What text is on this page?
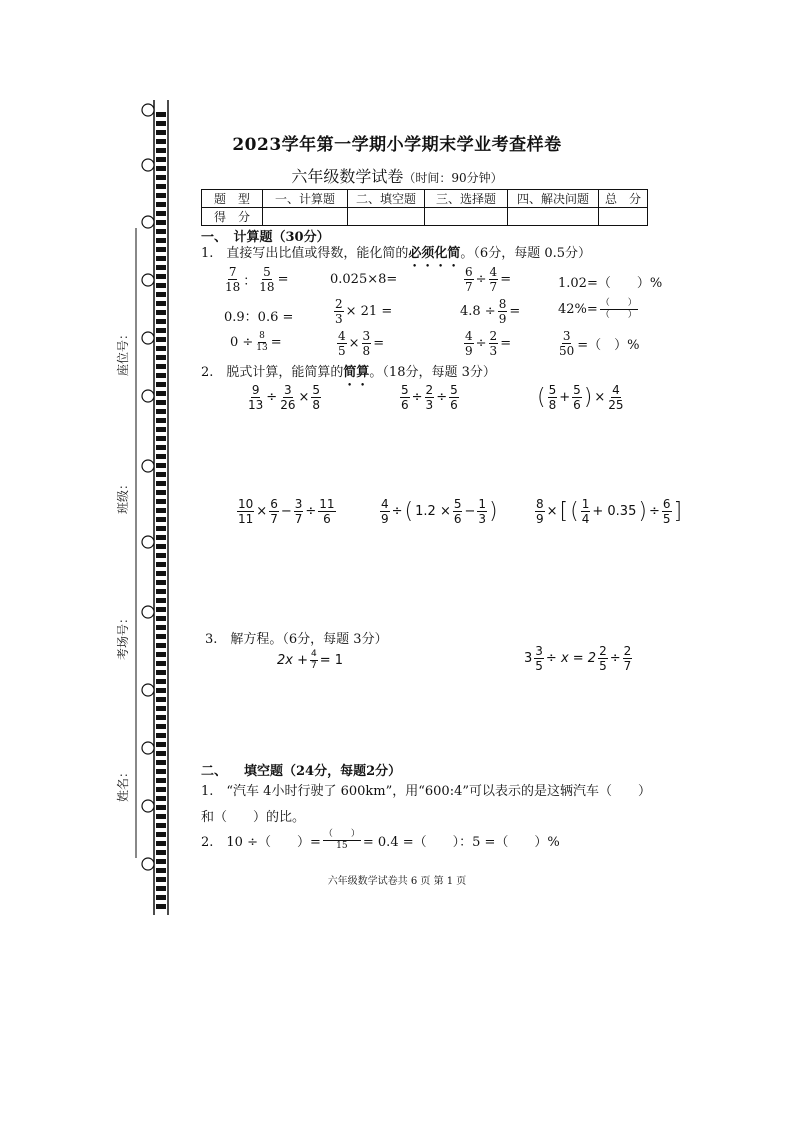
座位号：
班级：
考场号：
姓名：
2023学年第一学期小学期末学业考查样卷
六年级数学试卷（时间：90分钟）
题　型	一、计算题	二、填空题	三、选择题	四、解决问题	总　分
得　分					
一、　计算题（30分）
1.　直接写出比值或得数，能化简的必须化简。（6分，每题 0.5分）
$\frac{7}{18}$ ： $\frac{5}{18}$ =	0.025×8=	$\frac{6}{7} \div \frac{4}{7}$ =	1.02=（　　）%
0.9：0.6 =	$\frac{2}{3} \times 21$ =	$4.8 \div \frac{8}{9}$ =	$42\%= \frac{( )}{( )}$
$0 \div \frac{8}{13}$ =	$\frac{4}{5} \times \frac{3}{8}$ =	$\frac{4}{9} \div \frac{2}{3}$ =	$\frac{3}{50}$ =（　）%
2.　脱式计算，能简算的简算。（18分，每题 3分）
$\frac{9}{13} \div \frac{3}{26} \times \frac{5}{8}$	$\frac{5}{6} \div \frac{2}{3} \div \frac{5}{6}$	( $\frac{5}{8} + \frac{5}{6}$ ) × $\frac{4}{25}$
$\frac{10}{11} \times \frac{6}{7} - \frac{3}{7} \div \frac{11}{6}$	$\frac{4}{9}$ ÷ ( $1.2 \times \frac{5}{6} - \frac{1}{3}$ )	$\frac{8}{9}$ × [ ( $\frac{1}{4} + 0.35$ ) ÷ $\frac{6}{5}$ ]
3.　解方程。（6分，每题 3分）
$2x + \frac{4}{7} = 1$	$3 \frac{3}{5} \div x = 2 \frac{2}{5} \div \frac{2}{7}$
二、 填空题（24分，每题2分）
1.　“汽车 4小时行驶了 600km”，用“600:4”可以表示的是这辆汽车（　　）
和（　　）的比。
2.　10 ÷（　　）= $\frac{( )}{15} = 0.4$ =（　　）：5 =（　　）%
六年级数学试卷共 6 页 第 1 页
